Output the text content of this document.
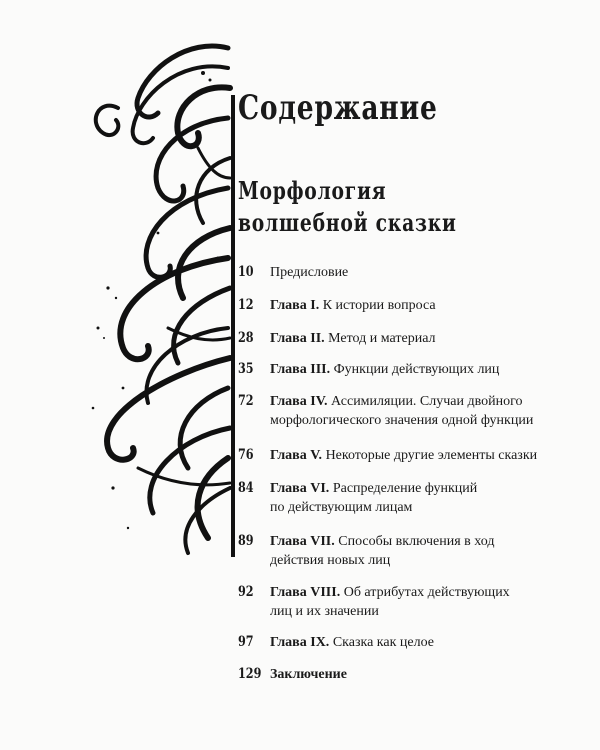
Содержание
Морфология
волшебной сказки
10	Предисловие
12	Глава I. К истории вопроса
28	Глава II. Метод и материал
35	Глава III. Функции действующих лиц
72	Глава IV. Ассимиляции. Случаи двойного
морфологического значения одной функции
76	Глава V. Некоторые другие элементы сказки
84	Глава VI. Распределение функций
по действующим лицам
89	Глава VII. Способы включения в ход
действия новых лиц
92	Глава VIII. Об атрибутах действующих
лиц и их значении
97	Глава IX. Сказка как целое
129 Заключение
